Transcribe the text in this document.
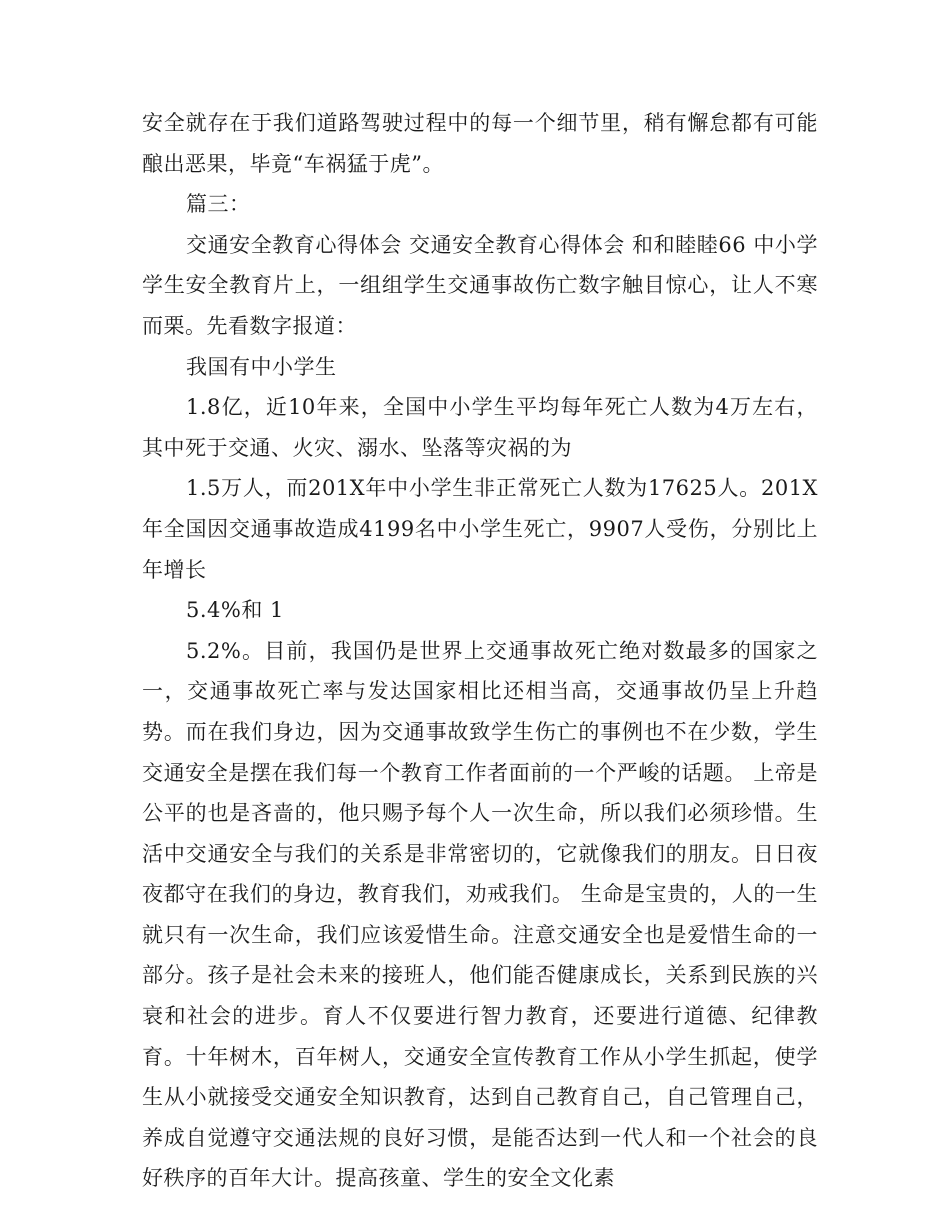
安全就存在于我们道路驾驶过程中的每一个细节里，稍有懈怠都有可能酿出恶果，毕竟“车祸猛于虎”。

篇三：

交通安全教育心得体会 交通安全教育心得体会 和和睦睦66 中小学学生安全教育片上，一组组学生交通事故伤亡数字触目惊心，让人不寒而栗。先看数字报道：

我国有中小学生

1.8亿，近10年来，全国中小学生平均每年死亡人数为4万左右，其中死于交通、火灾、溺水、坠落等灾祸的为

1.5万人，而201X年中小学生非正常死亡人数为17625人。201X年全国因交通事故造成4199名中小学生死亡，9907人受伤，分别比上年增长

5.4%和 1

5.2%。目前，我国仍是世界上交通事故死亡绝对数最多的国家之一，交通事故死亡率与发达国家相比还相当高，交通事故仍呈上升趋势。而在我们身边，因为交通事故致学生伤亡的事例也不在少数，学生交通安全是摆在我们每一个教育工作者面前的一个严峻的话题。 上帝是公平的也是吝啬的，他只赐予每个人一次生命，所以我们必须珍惜。生活中交通安全与我们的关系是非常密切的，它就像我们的朋友。日日夜夜都守在我们的身边，教育我们，劝戒我们。 生命是宝贵的，人的一生就只有一次生命，我们应该爱惜生命。注意交通安全也是爱惜生命的一部分。孩子是社会未来的接班人，他们能否健康成长，关系到民族的兴衰和社会的进步。育人不仅要进行智力教育，还要进行道德、纪律教育。十年树木，百年树人，交通安全宣传教育工作从小学生抓起，使学生从小就接受交通安全知识教育，达到自己教育自己，自己管理自己，养成自觉遵守交通法规的良好习惯，是能否达到一代人和一个社会的良好秩序的百年大计。提高孩童、学生的安全文化素
